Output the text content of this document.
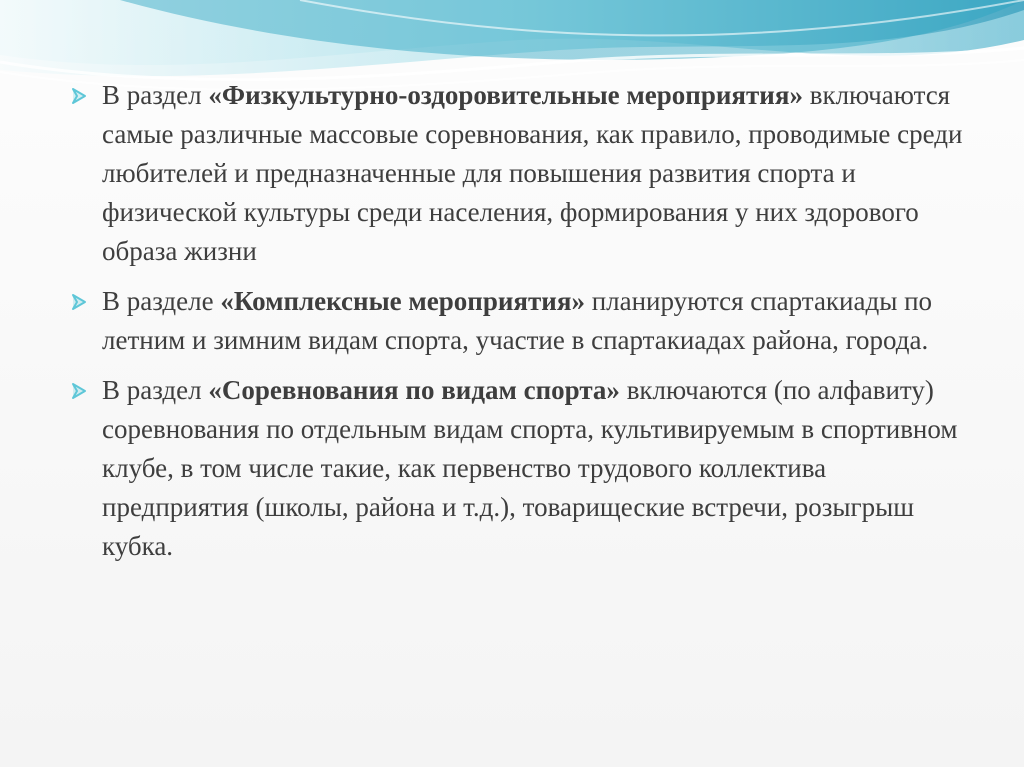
В раздел «Физкультурно-оздоровительные мероприятия» включаются самые различные массовые соревнования, как правило, проводимые среди любителей и предназначенные для повышения развития спорта и физической культуры среди населения, формирования у них здорового образа жизни
В разделе «Комплексные мероприятия» планируются спартакиады по летним и зимним видам спорта, участие в спартакиадах района, города.
В раздел «Соревнования по видам спорта» включаются (по алфавиту) соревнования по отдельным видам спорта, культивируемым в спортивном клубе, в том числе такие, как первенство трудового коллектива предприятия (школы, района и т.д.), товарищеские встречи, розыгрыш кубка.
